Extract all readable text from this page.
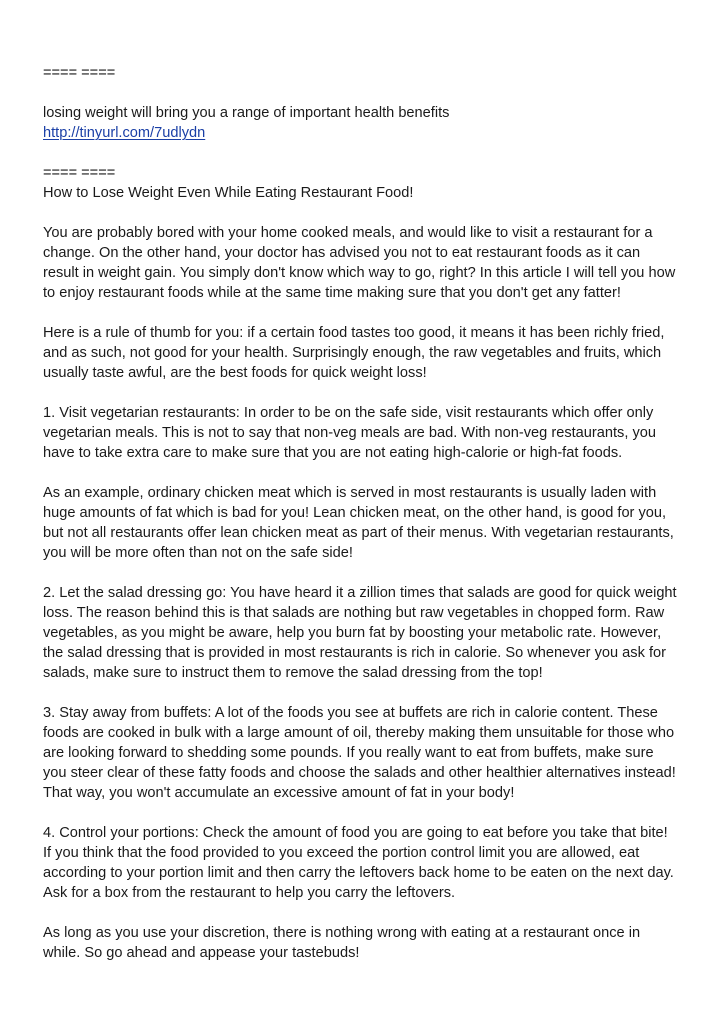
==== ====

losing weight will bring you a range of important health benefits
http://tinyurl.com/7udlydn

==== ====
How to Lose Weight Even While Eating Restaurant Food!

You are probably bored with your home cooked meals, and would like to visit a restaurant for a
change. On the other hand, your doctor has advised you not to eat restaurant foods as it can
result in weight gain. You simply don't know which way to go, right? In this article I will tell you how
to enjoy restaurant foods while at the same time making sure that you don't get any fatter!

Here is a rule of thumb for you: if a certain food tastes too good, it means it has been richly fried,
and as such, not good for your health. Surprisingly enough, the raw vegetables and fruits, which
usually taste awful, are the best foods for quick weight loss!

1. Visit vegetarian restaurants: In order to be on the safe side, visit restaurants which offer only
vegetarian meals. This is not to say that non-veg meals are bad. With non-veg restaurants, you
have to take extra care to make sure that you are not eating high-calorie or high-fat foods.

As an example, ordinary chicken meat which is served in most restaurants is usually laden with
huge amounts of fat which is bad for you! Lean chicken meat, on the other hand, is good for you,
but not all restaurants offer lean chicken meat as part of their menus. With vegetarian restaurants,
you will be more often than not on the safe side!

2. Let the salad dressing go: You have heard it a zillion times that salads are good for quick weight
loss. The reason behind this is that salads are nothing but raw vegetables in chopped form. Raw
vegetables, as you might be aware, help you burn fat by boosting your metabolic rate. However,
the salad dressing that is provided in most restaurants is rich in calorie. So whenever you ask for
salads, make sure to instruct them to remove the salad dressing from the top!

3. Stay away from buffets: A lot of the foods you see at buffets are rich in calorie content. These
foods are cooked in bulk with a large amount of oil, thereby making them unsuitable for those who
are looking forward to shedding some pounds. If you really want to eat from buffets, make sure
you steer clear of these fatty foods and choose the salads and other healthier alternatives instead!
That way, you won't accumulate an excessive amount of fat in your body!

4. Control your portions: Check the amount of food you are going to eat before you take that bite!
If you think that the food provided to you exceed the portion control limit you are allowed, eat
according to your portion limit and then carry the leftovers back home to be eaten on the next day.
Ask for a box from the restaurant to help you carry the leftovers.

As long as you use your discretion, there is nothing wrong with eating at a restaurant once in
while. So go ahead and appease your tastebuds!
